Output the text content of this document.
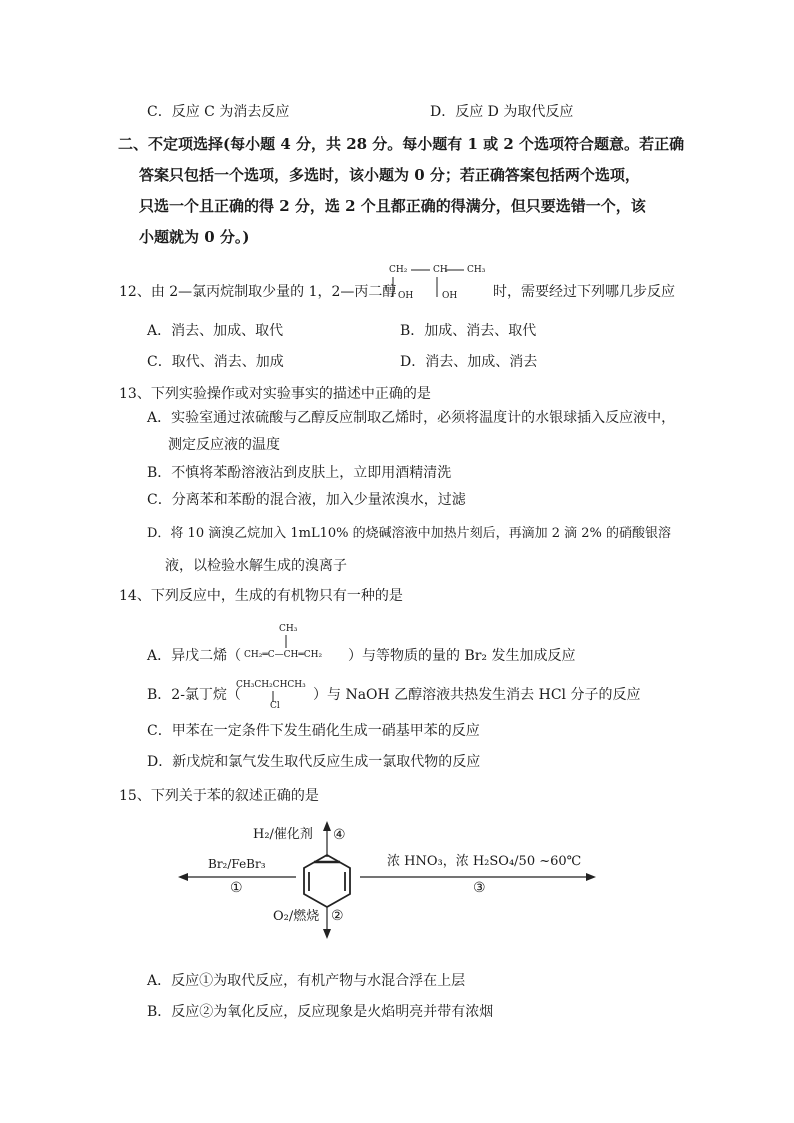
C．反应 C 为消去反应	D．反应 D 为取代反应
二、不定项选择(每小题 4 分，共 28 分。每小题有 1 或 2 个选项符合题意。若正确
答案只包括一个选项，多选时，该小题为 0 分；若正确答案包括两个选项，
只选一个且正确的得 2 分，选 2 个且都正确的得满分，但只要选错一个，该
小题就为 0 分。)
12、由 2—氯丙烷制取少量的 1，2—丙二醇
CH₂	CH CH₃
OH	OH	时，需要经过下列哪几步反应
A．消去、加成、取代	B．加成、消去、取代
C．取代、消去、加成	D．消去、加成、消去
13、下列实验操作或对实验事实的描述中正确的是
A．实验室通过浓硫酸与乙醇反应制取乙烯时，必须将温度计的水银球插入反应液中，
测定反应液的温度
B．不慎将苯酚溶液沾到皮肤上，立即用酒精清洗
C．分离苯和苯酚的混合液，加入少量浓溴水，过滤
D．将 10 滴溴乙烷加入 1mL10% 的烧碱溶液中加热片刻后，再滴加 2 滴 2% 的硝酸银溶
液，以检验水解生成的溴离子
14、下列反应中，生成的有机物只有一种的是
A．异戊二烯（
CH₃
CH₂═C—CH═CH₂ ）与等物质的量的 Br₂ 发生加成反应
B．2-氯丁烷（
CH₃CH₂CHCH₃
Cl
）与 NaOH 乙醇溶液共热发生消去 HCl 分子的反应
C．甲苯在一定条件下发生硝化生成一硝基甲苯的反应
D．新戊烷和氯气发生取代反应生成一氯取代物的反应
15、下列关于苯的叙述正确的是
H₂/催化剂 ④
Br₂/FeBr₃
①
浓 HNO₃，浓 H₂SO₄/50 ~60℃
③
O₂/燃烧 ②
A．反应①为取代反应，有机产物与水混合浮在上层
B．反应②为氧化反应，反应现象是火焰明亮并带有浓烟
